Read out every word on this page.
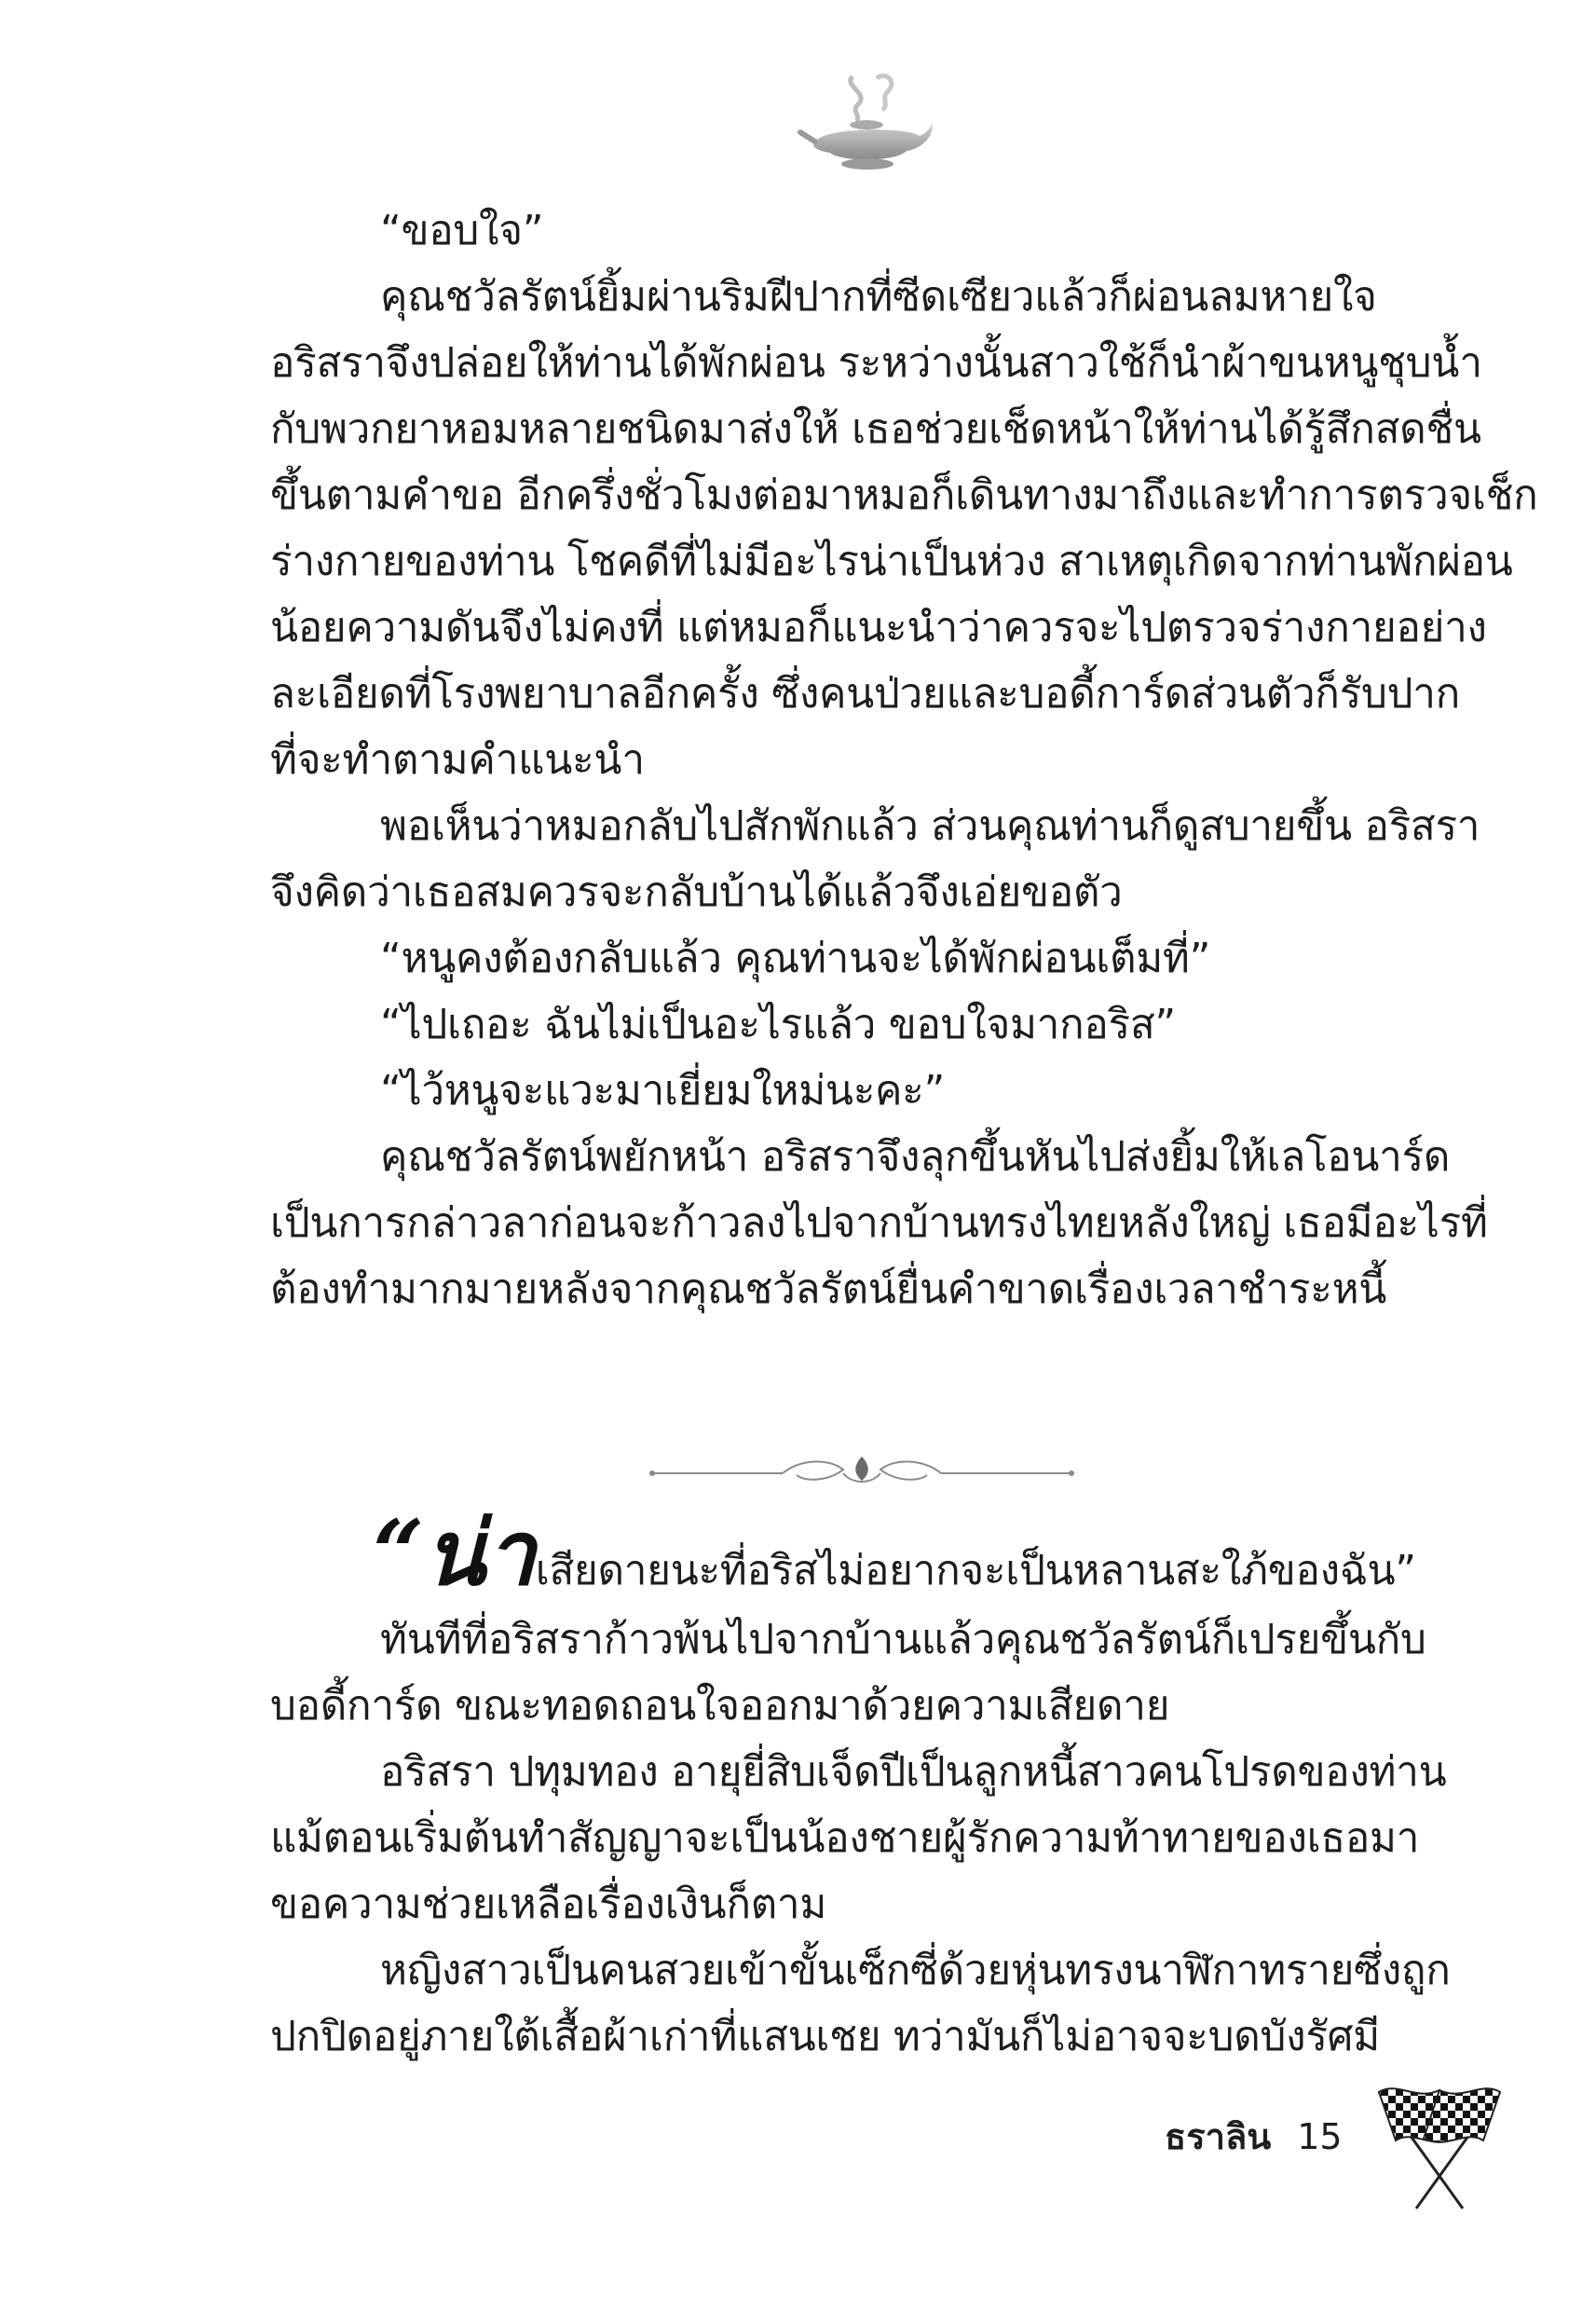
“ขอบใจ”
คุณชวัลรัตน์ยิ้มผ่านริมฝีปากที่ซีดเซียวแล้วก็ผ่อนลมหายใจ
อริสราจึงปล่อยให้ท่านได้พักผ่อน ระหว่างนั้นสาวใช้ก็นำผ้าขนหนูชุบน้ำ
กับพวกยาหอมหลายชนิดมาส่งให้ เธอช่วยเช็ดหน้าให้ท่านได้รู้สึกสดชื่น
ขึ้นตามคำขอ อีกครึ่งชั่วโมงต่อมาหมอก็เดินทางมาถึงและทำการตรวจเช็ก
ร่างกายของท่าน โชคดีที่ไม่มีอะไรน่าเป็นห่วง สาเหตุเกิดจากท่านพักผ่อน
น้อยความดันจึงไม่คงที่ แต่หมอก็แนะนำว่าควรจะไปตรวจร่างกายอย่าง
ละเอียดที่โรงพยาบาลอีกครั้ง ซึ่งคนป่วยและบอดี้การ์ดส่วนตัวก็รับปาก
ที่จะทำตามคำแนะนำ
พอเห็นว่าหมอกลับไปสักพักแล้ว ส่วนคุณท่านก็ดูสบายขึ้น อริสรา
จึงคิดว่าเธอสมควรจะกลับบ้านได้แล้วจึงเอ่ยขอตัว
“หนูคงต้องกลับแล้ว คุณท่านจะได้พักผ่อนเต็มที่”
“ไปเถอะ ฉันไม่เป็นอะไรแล้ว ขอบใจมากอริส”
“ไว้หนูจะแวะมาเยี่ยมใหม่นะคะ”
คุณชวัลรัตน์พยักหน้า อริสราจึงลุกขึ้นหันไปส่งยิ้มให้เลโอนาร์ด
เป็นการกล่าวลาก่อนจะก้าวลงไปจากบ้านทรงไทยหลังใหญ่ เธอมีอะไรที่
ต้องทำมากมายหลังจากคุณชวัลรัตน์ยื่นคำขาดเรื่องเวลาชำระหนี้
“น่าเสียดายนะที่อริสไม่อยากจะเป็นหลานสะใภ้ของฉัน”
ทันทีที่อริสราก้าวพ้นไปจากบ้านแล้วคุณชวัลรัตน์ก็เปรยขึ้นกับ
บอดี้การ์ด ขณะทอดถอนใจออกมาด้วยความเสียดาย
อริสรา ปทุมทอง อายุยี่สิบเจ็ดปีเป็นลูกหนี้สาวคนโปรดของท่าน
แม้ตอนเริ่มต้นทำสัญญาจะเป็นน้องชายผู้รักความท้าทายของเธอมา
ขอความช่วยเหลือเรื่องเงินก็ตาม
หญิงสาวเป็นคนสวยเข้าขั้นเซ็กซี่ด้วยหุ่นทรงนาฬิกาทรายซึ่งถูก
ปกปิดอยู่ภายใต้เสื้อผ้าเก่าที่แสนเชย ทว่ามันก็ไม่อาจจะบดบังรัศมี
ธราลิน 15
